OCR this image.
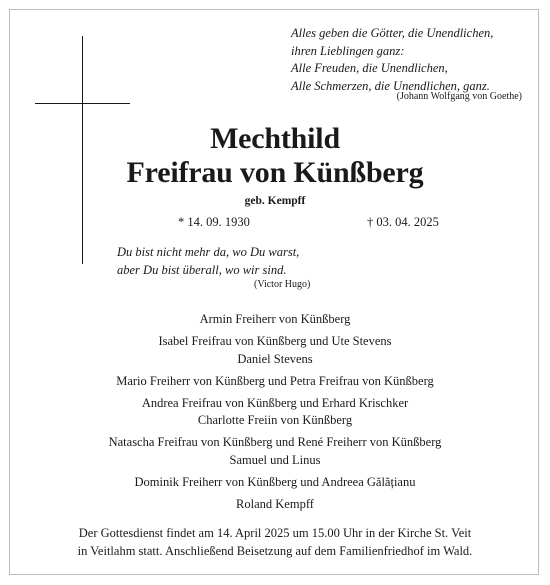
Alles geben die Götter, die Unendlichen,
ihren Lieblingen ganz:
Alle Freuden, die Unendlichen,
Alle Schmerzen, die Unendlichen, ganz.
(Johann Wolfgang von Goethe)
Mechthild
Freifrau von Künßberg
geb. Kempff
* 14. 09. 1930	† 03. 04. 2025
Du bist nicht mehr da, wo Du warst,
aber Du bist überall, wo wir sind.
(Victor Hugo)
Armin Freiherr von Künßberg
Isabel Freifrau von Künßberg und Ute Stevens
Daniel Stevens
Mario Freiherr von Künßberg und Petra Freifrau von Künßberg
Andrea Freifrau von Künßberg und Erhard Krischker
Charlotte Freiin von Künßberg
Natascha Freifrau von Künßberg und René Freiherr von Künßberg
Samuel und Linus
Dominik Freiherr von Künßberg und Andreea Gălățianu
Roland Kempff
Der Gottesdienst findet am 14. April 2025 um 15.00 Uhr in der Kirche St. Veit
in Veitlahm statt. Anschließend Beisetzung auf dem Familienfriedhof im Wald.
